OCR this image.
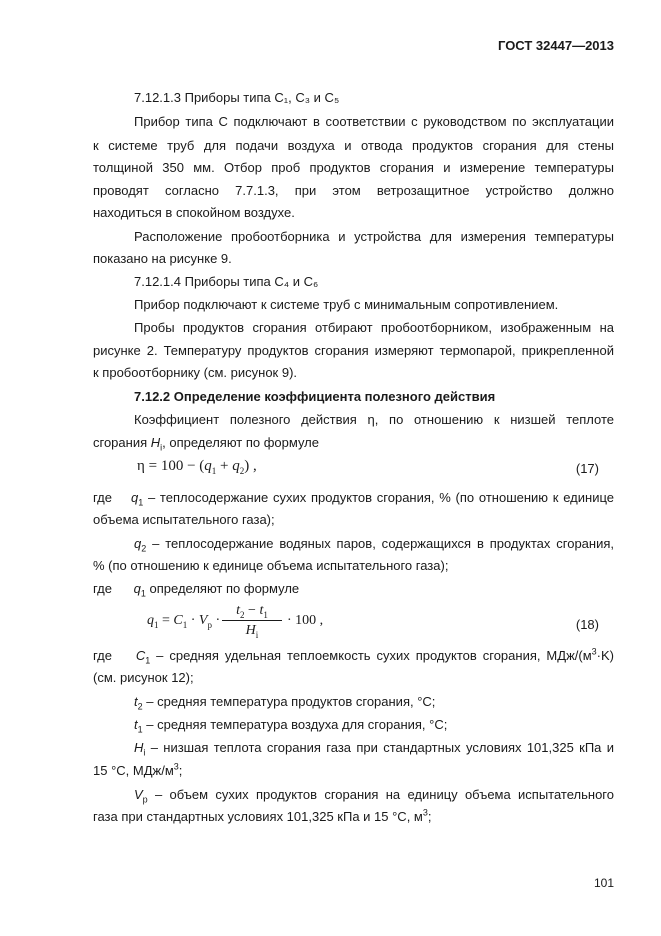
ГОСТ 32447—2013
7.12.1.3 Приборы типа C₁, C₃ и C₅
Прибор типа С подключают в соответствии с руководством по эксплуатации
к системе труб для подачи воздуха и отвода продуктов сгорания для стены
толщиной 350 мм. Отбор проб продуктов сгорания и измерение температуры
проводят согласно 7.7.1.3, при этом ветрозащитное устройство должно
находиться в спокойном воздухе.
Расположение пробоотборника и устройства для измерения температуры
показано на рисунке 9.
7.12.1.4 Приборы типа C₄ и C₆
Прибор подключают к системе труб с минимальным сопротивлением.
Пробы продуктов сгорания отбирают пробоотборником, изображенным на
рисунке 2. Температуру продуктов сгорания измеряют термопарой, прикрепленной
к пробоотборнику (см. рисунок 9).
7.12.2 Определение коэффициента полезного действия
Коэффициент полезного действия η, по отношению к низшей теплоте
сгорания $H_i$, определяют по формуле
$\eta = 100 - (q_1 + q_2)$ ,	(17)
где $q_1$ – теплосодержание сухих продуктов сгорания, % (по отношению к единице
объема испытательного газа);
$q_2$ – теплосодержание водяных паров, содержащихся в продуктах сгорания,
% (по отношению к единице объема испытательного газа);
где $q_1$ определяют по формуле
$q_1 = C_1 \cdot V_p$ ·
$t_2 - t_1$
$H_i$
· 100 ,	(18)
где $C_1$ – средняя удельная теплоемкость сухих продуктов сгорания, МДж/$(м^3\cdot K)$
(см. рисунок 12);
$t_2$ – средняя температура продуктов сгорания, °C;
$t_1$ – средняя температура воздуха для сгорания, °C;
$H_i$ – низшая теплота сгорания газа при стандартных условиях 101,325 кПа и
15 °C, МДж/$м^3$;
$V_p$ – объем сухих продуктов сгорания на единицу объема испытательного
газа при стандартных условиях 101,325 кПа и 15 °C, $м^3$;
101
